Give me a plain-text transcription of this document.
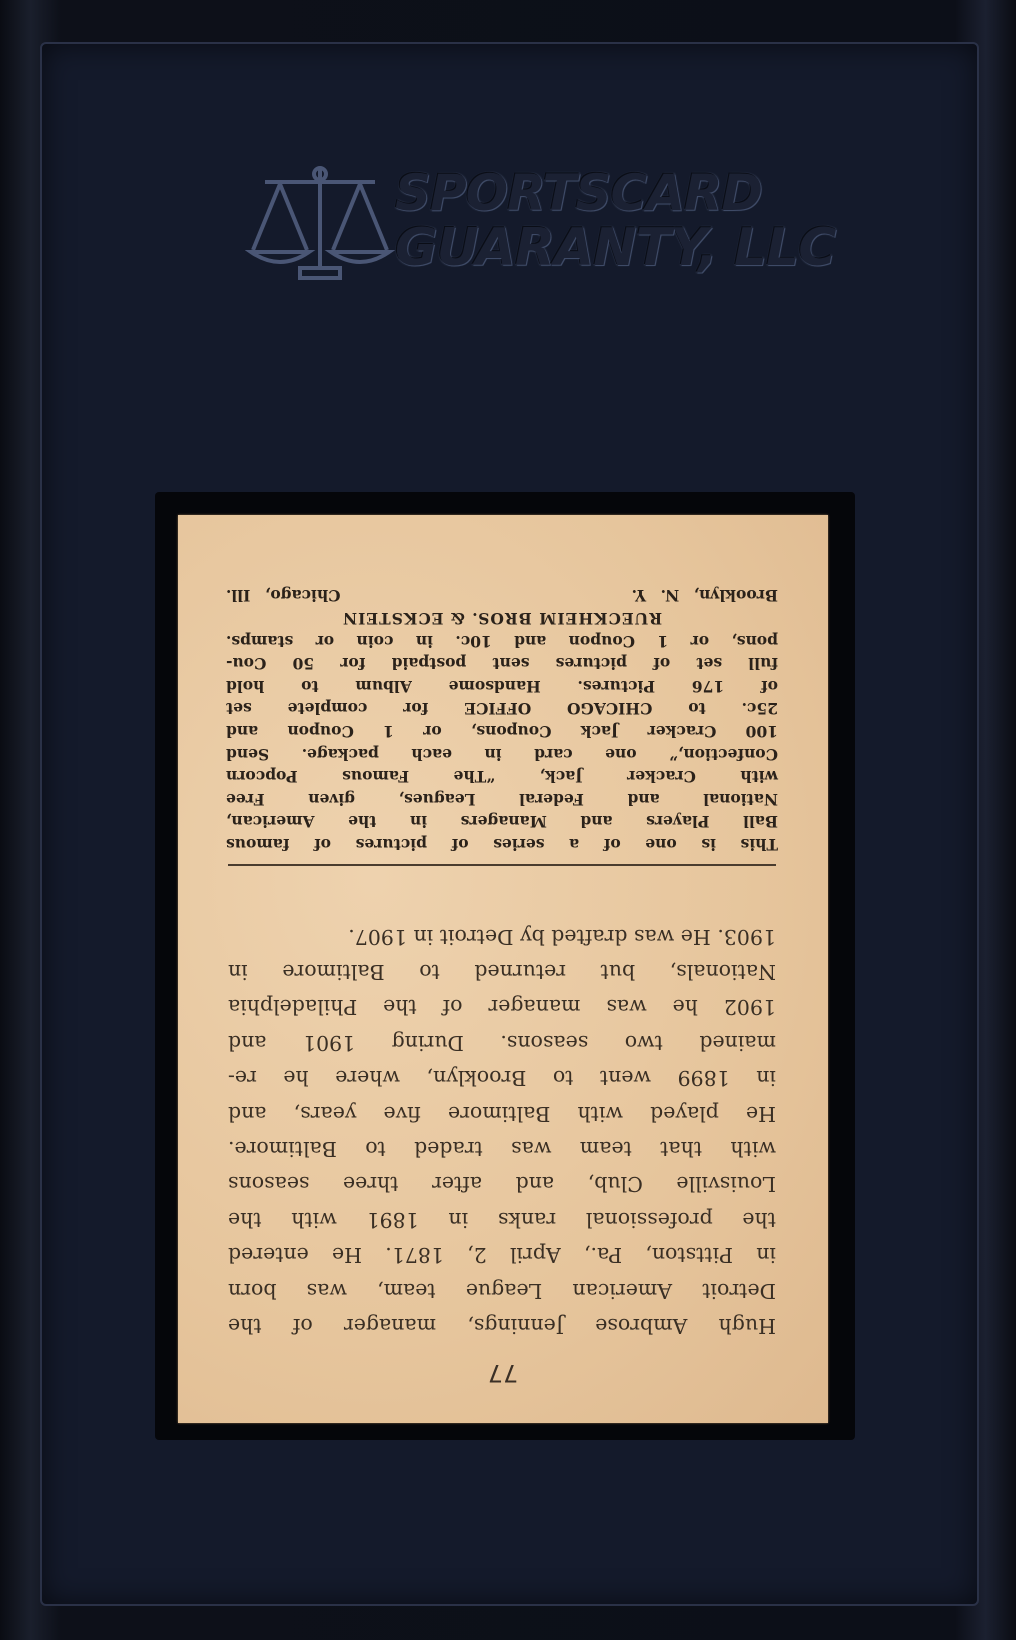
SPORTSCARD
GUARANTY, LLC
77

Hugh Ambrose Jennings, manager of the
Detroit American League team, was born
in Pittston, Pa., April 2, 1871. He entered
the professional ranks in 1891 with the
Louisville Club, and after three seasons
with that team was traded to Baltimore.
He played with Baltimore five years, and
in 1899 went to Brooklyn, where he re-
mained two seasons. During 1901 and
1902 he was manager of the Philadelphia
Nationals, but returned to Baltimore in
1903. He was drafted by Detroit in 1907.

This is one of a series of pictures of famous
Ball Players and Managers in the American,
National and Federal Leagues, given Free
with Cracker Jack, “The Famous Popcorn
Confection,” one card in each package. Send
100 Cracker Jack Coupons, or 1 Coupon and
25c. to CHICAGO OFFICE for complete set
of 176 Pictures. Handsome Album to hold
full set of pictures sent postpaid for 50 Cou-
pons, or 1 Coupon and 10c. in coin or stamps.
RUECKHEIM BROS. & ECKSTEIN
Brooklyn, N. Y.                    Chicago, Ill.
